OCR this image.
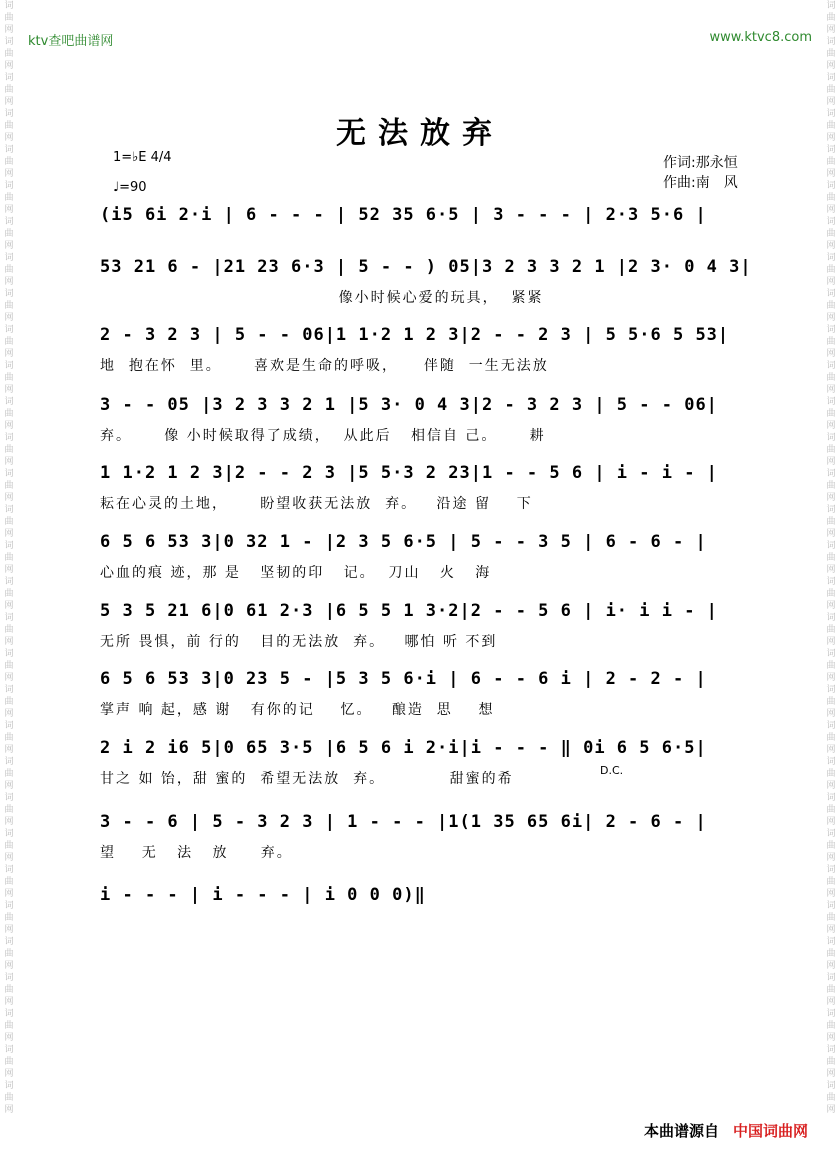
ktv查吧曲谱网	www.ktvc8.com
词曲网 词曲网 词曲网 词曲网 词曲网 词曲网 词曲网 词曲网 词曲网 词曲网 词曲网 词曲网 词曲网 词曲网 词曲网 词曲网 词曲网 词曲网 词曲网 词曲网 词曲网 词曲网 词曲网 词曲网 词曲网 词曲网 词曲网 词曲网 词曲网 词曲网 词曲网
词曲网 词曲网 词曲网 词曲网 词曲网 词曲网 词曲网 词曲网 词曲网 词曲网 词曲网 词曲网 词曲网 词曲网 词曲网 词曲网 词曲网 词曲网 词曲网 词曲网 词曲网 词曲网 词曲网 词曲网 词曲网 词曲网 词曲网 词曲网 词曲网 词曲网 词曲网
无法放弃
1=♭E 4/4
♩=90
作词:那永恒
作曲:南　风
(i5 6i 2·i | 6 - - - | 52 35 6·5 | 3 - - - | 2·3 5·6 |
53 21 6 - |21 23 6·3 | 5 - - ) 05|3 2 3 3 2 1 |2 3· 0 4 3|
像小时候心爱的玩具，  紧紧
2 - 3 2 3 | 5 - - 06|1 1·2 1 2 3|2 - - 2 3 | 5 5·6 5 53|
地  抱在怀  里。     喜欢是生命的呼吸，    伴随  一生无法放
3 - - 05 |3 2 3 3 2 1 |5 3· 0 4 3|2 - 3 2 3 | 5 - - 06|
弃。     像 小时候取得了成绩，  从此后   相信自 己。     耕
1 1·2 1 2 3|2 - - 2 3 |5 5·3 2 23|1 - - 5 6 | i - i - |
耘在心灵的土地，     盼望收获无法放  弃。   沿途 留    下
6 5 6 53 3|0 32 1 - |2 3 5 6·5 | 5 - - 3 5 | 6 - 6 - |
心血的痕 迹，那 是   坚韧的印   记。  刀山   火   海
5 3 5 21 6|0 61 2·3 |6 5 5 1 3·2|2 - - 5 6 | i· i i - |
无所 畏惧，前 行的   目的无法放  弃。   哪怕 听 不到
6 5 6 53 3|0 23 5 - |5 3 5 6·i | 6 - - 6 i | 2 - 2 - |
掌声 响 起，感 谢   有你的记    忆。   酿造  思    想
2 i 2 i6 5|0 65 3·5 |6 5 6 i 2·i|i - - - ‖ 0i 6 5 6·5|
甘之 如 饴，甜 蜜的  希望无法放  弃。          甜蜜的希
D.C.
3 - - 6 | 5 - 3 2 3 | 1 - - - |1(1 35 65 6i| 2 - 6 - |
望    无   法   放     弃。
i - - - | i - - - | i 0 0 0)‖
本曲谱源自 中国词曲网
